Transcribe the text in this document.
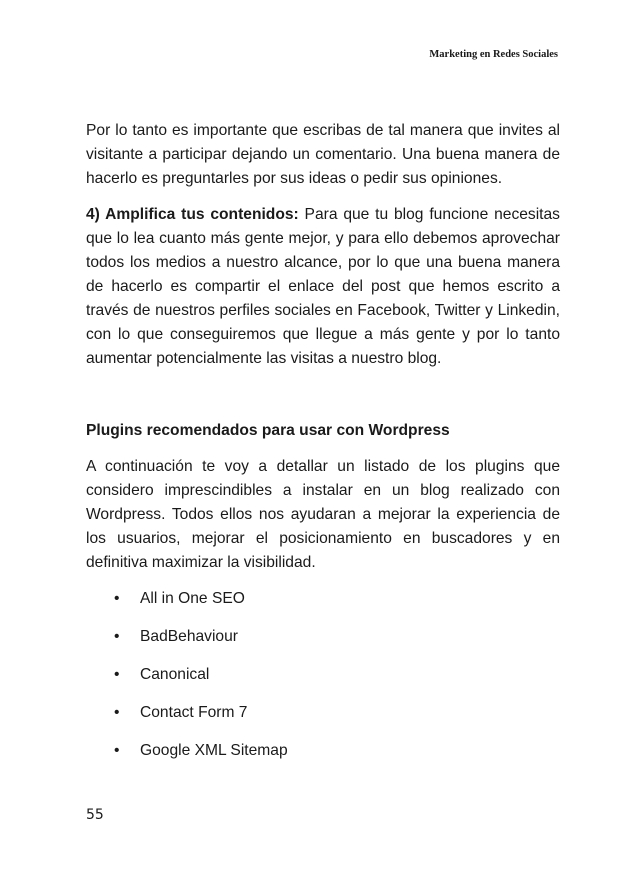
Marketing en Redes Sociales

Por lo tanto es importante que escribas de tal manera que invites al visitante a participar dejando un comentario. Una buena manera de hacerlo es preguntarles por sus ideas o pedir sus opiniones.

4) Amplifica tus contenidos: Para que tu blog funcione necesitas que lo lea cuanto más gente mejor, y para ello debemos aprovechar todos los medios a nuestro alcance, por lo que una buena manera de hacerlo es compartir el enlace del post que hemos escrito a través de nuestros perfiles sociales en Facebook, Twitter y Linkedin, con lo que conseguiremos que llegue a más gente y por lo tanto aumentar potencialmente las visitas a nuestro blog.

Plugins recomendados para usar con Wordpress

A continuación te voy a detallar un listado de los plugins que considero imprescindibles a instalar en un blog realizado con Wordpress. Todos ellos nos ayudaran a mejorar la experiencia de los usuarios, mejorar el posicionamiento en buscadores y en definitiva maximizar la visibilidad.

•	All in One SEO
•	BadBehaviour
•	Canonical
•	Contact Form 7
•	Google XML Sitemap
55
